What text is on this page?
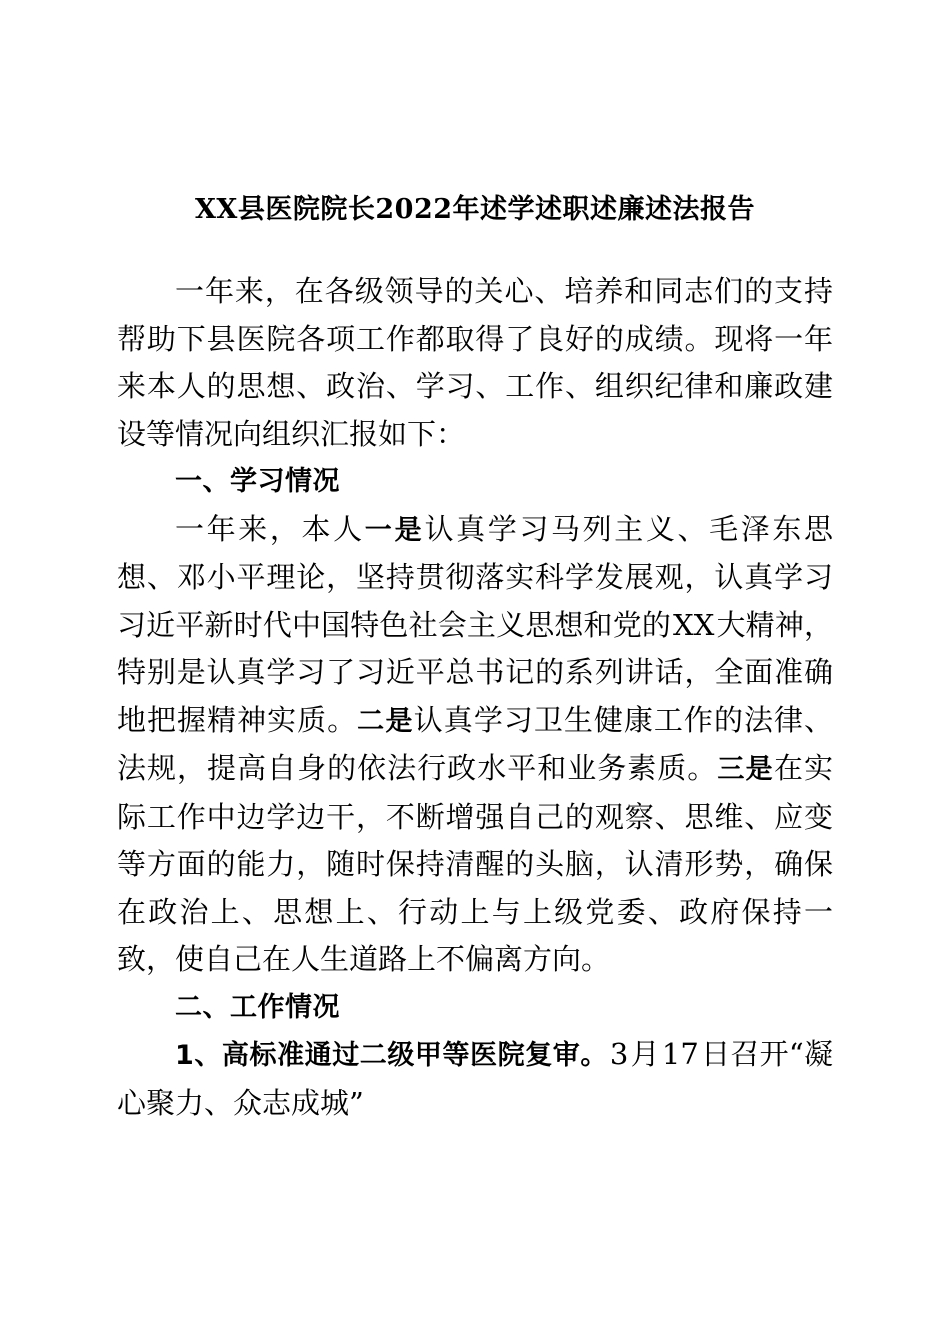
XX县医院院长2022年述学述职述廉述法报告

一年来，在各级领导的关心、培养和同志们的支持帮助下县医院各项工作都取得了良好的成绩。现将一年来本人的思想、政治、学习、工作、组织纪律和廉政建设等情况向组织汇报如下：

一、学习情况

一年来，本人一是认真学习马列主义、毛泽东思想、邓小平理论，坚持贯彻落实科学发展观，认真学习习近平新时代中国特色社会主义思想和党的XX大精神，特别是认真学习了习近平总书记的系列讲话，全面准确地把握精神实质。二是认真学习卫生健康工作的法律、法规，提高自身的依法行政水平和业务素质。三是在实际工作中边学边干，不断增强自己的观察、思维、应变等方面的能力，随时保持清醒的头脑，认清形势，确保在政治上、思想上、行动上与上级党委、政府保持一致，使自己在人生道路上不偏离方向。

二、工作情况

1、高标准通过二级甲等医院复审。3月17日召开“凝心聚力、众志成城”
